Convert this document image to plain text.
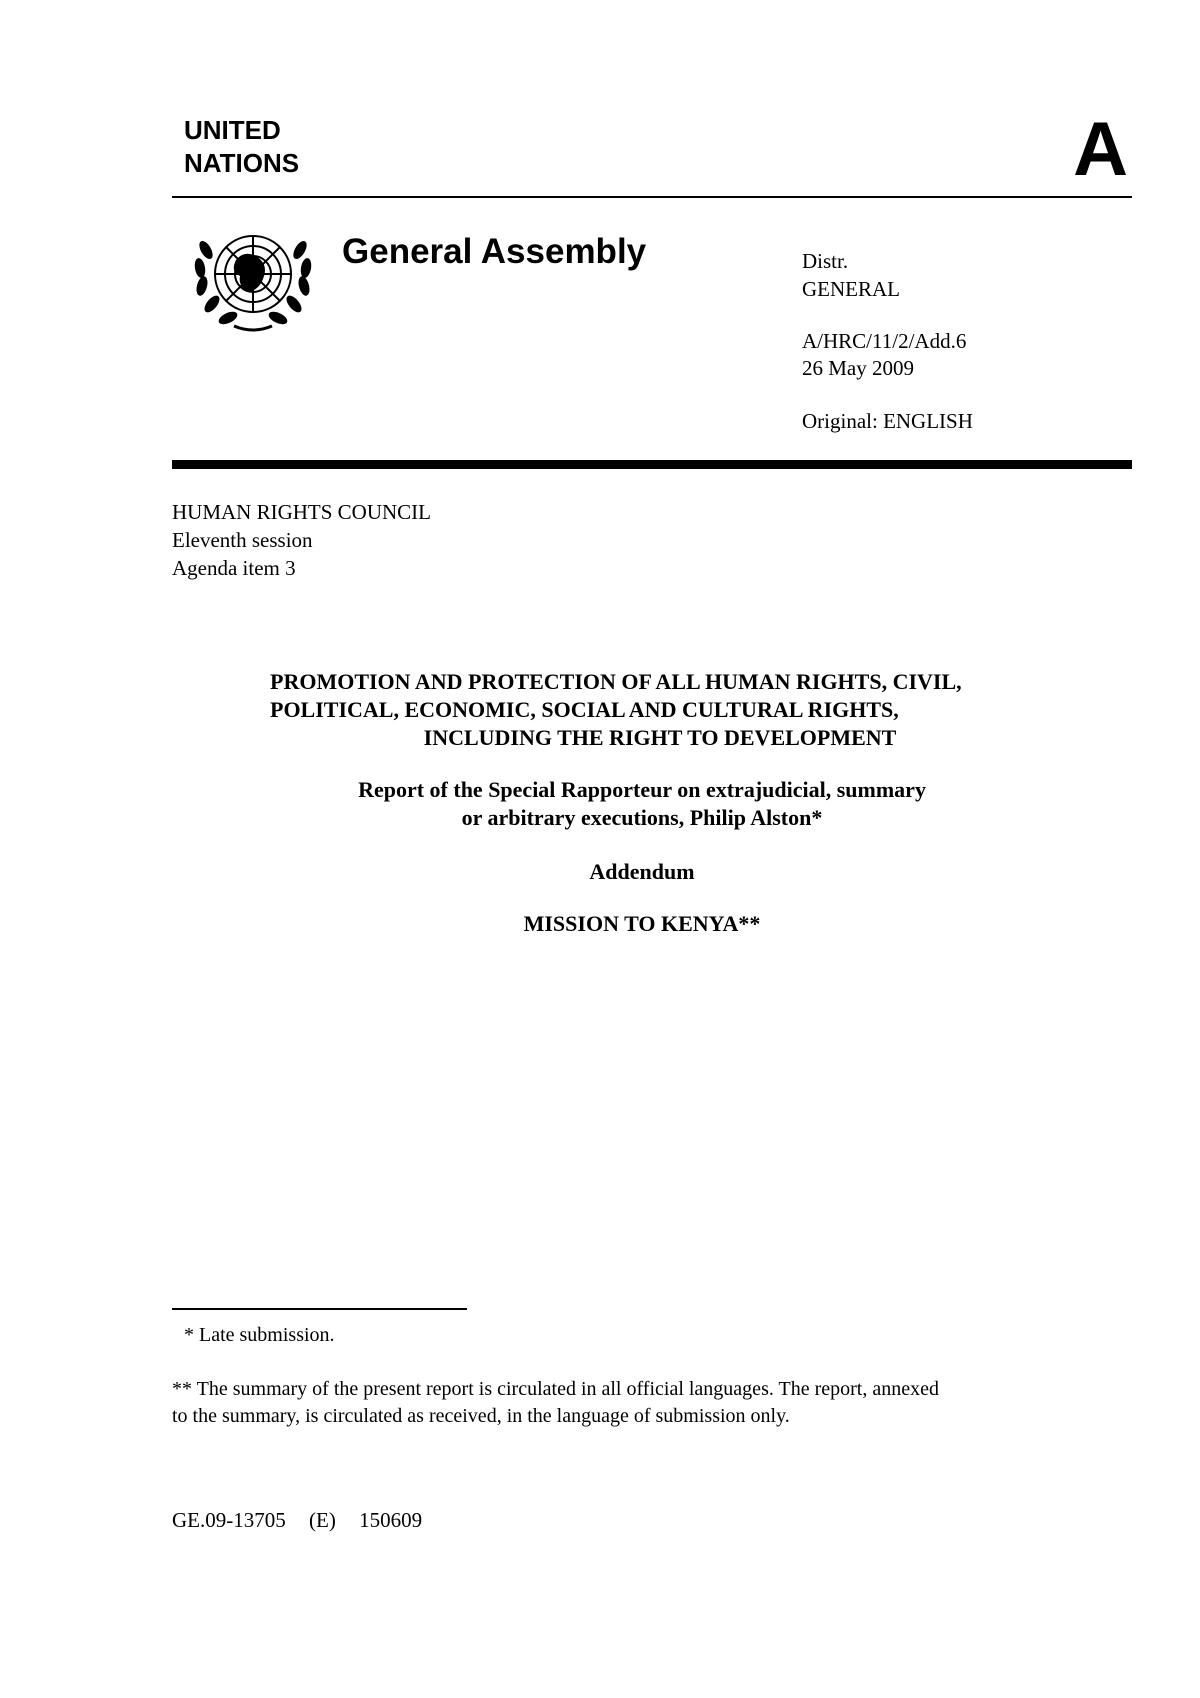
UNITED
NATIONS	A
General Assembly	Distr.
GENERAL
A/HRC/11/2/Add.6
26 May 2009
Original: ENGLISH
HUMAN RIGHTS COUNCIL
Eleventh session
Agenda item 3
PROMOTION AND PROTECTION OF ALL HUMAN RIGHTS, CIVIL,
POLITICAL, ECONOMIC, SOCIAL AND CULTURAL RIGHTS,
INCLUDING THE RIGHT TO DEVELOPMENT
Report of the Special Rapporteur on extrajudicial, summary
or arbitrary executions, Philip Alston*
Addendum
MISSION TO KENYA**
* Late submission.
** The summary of the present report is circulated in all official languages. The report, annexed
to the summary, is circulated as received, in the language of submission only.
GE.09-13705 (E) 150609
